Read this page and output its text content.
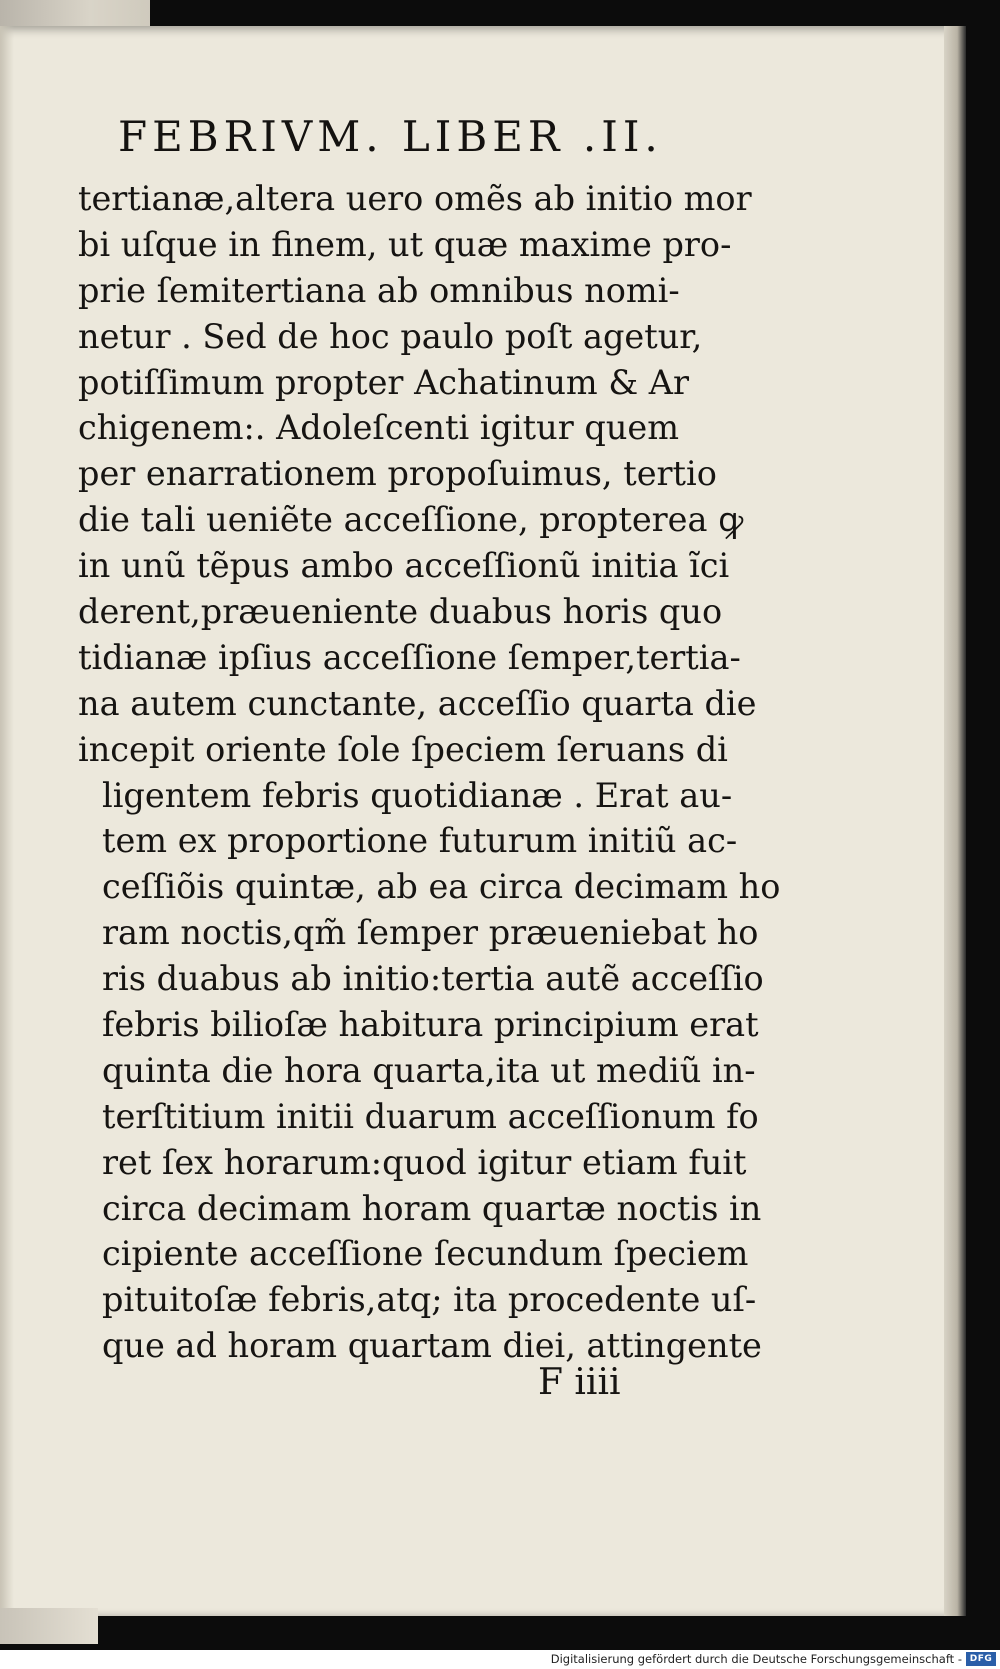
FEBRIVM. LIBER .II.
tertianæ,altera uero omẽs ab initio mor
bi uſque in finem, ut quæ maxime pro-
prie ſemitertiana ab omnibus nomi-
netur . Sed de hoc paulo poſt agetur,
potiſſimum propter Achatinum & Ar
chigenem:. Adoleſcenti igitur quem
per enarrationem propoſuimus, tertio
die tali ueniẽte acceſſione, propterea ꝙ
in unũ tẽpus ambo acceſſionũ initia ĩci
derent,præueniente duabus horis quo
tidianæ ipſius acceſſione ſemper,tertia-
na autem cunctante, acceſſio quarta die
incepit oriente ſole ſpeciem ſeruans di
ligentem febris quotidianæ . Erat au-
tem ex proportione futurum initiũ ac-
ceſſiõis quintæ, ab ea circa decimam ho
ram noctis,qm̃ ſemper præueniebat ho
ris duabus ab initio:tertia autẽ acceſſio
febris bilioſæ habitura principium erat
quinta die hora quarta,ita ut mediũ in-
terſtitium initii duarum acceſſionum fo
ret ſex horarum:quod igitur etiam fuit
circa decimam horam quartæ noctis in
cipiente acceſſione ſecundum ſpeciem
pituitoſæ febris,atq; ita procedente uſ-
que ad horam quartam diei, attingente
F iiii
Digitalisierung gefördert durch die Deutsche Forschungsgemeinschaft - DFG
